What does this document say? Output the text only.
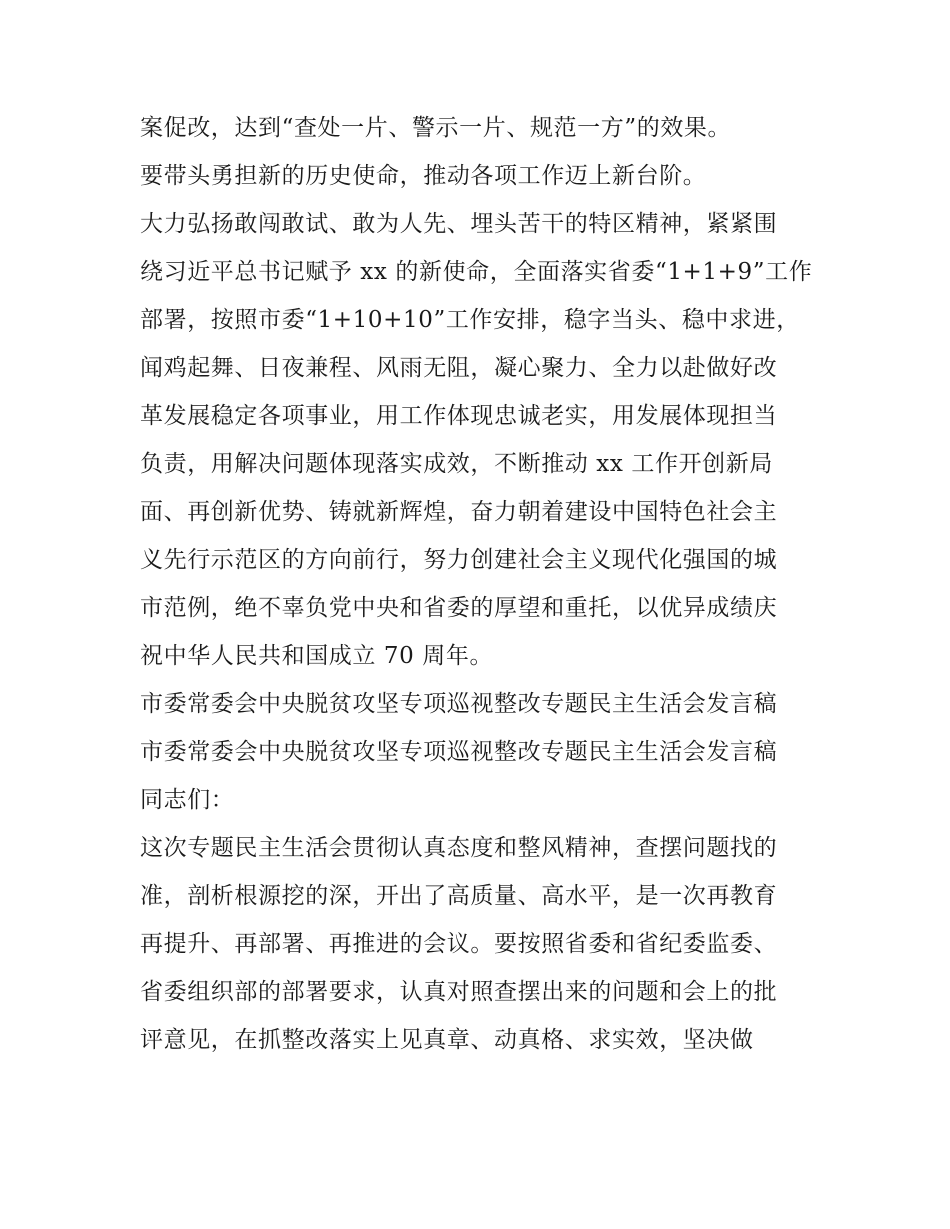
案促改，达到“查处一片、警示一片、规范一方”的效果。
要带头勇担新的历史使命，推动各项工作迈上新台阶。
大力弘扬敢闯敢试、敢为人先、埋头苦干的特区精神，紧紧围
绕习近平总书记赋予 xx 的新使命，全面落实省委“1+1+9”工作
部署，按照市委“1+10+10”工作安排，稳字当头、稳中求进，
闻鸡起舞、日夜兼程、风雨无阻，凝心聚力、全力以赴做好改
革发展稳定各项事业，用工作体现忠诚老实，用发展体现担当
负责，用解决问题体现落实成效，不断推动 xx 工作开创新局
面、再创新优势、铸就新辉煌，奋力朝着建设中国特色社会主
义先行示范区的方向前行，努力创建社会主义现代化强国的城
市范例，绝不辜负党中央和省委的厚望和重托，以优异成绩庆
祝中华人民共和国成立 70 周年。
市委常委会中央脱贫攻坚专项巡视整改专题民主生活会发言稿
市委常委会中央脱贫攻坚专项巡视整改专题民主生活会发言稿
同志们：
这次专题民主生活会贯彻认真态度和整风精神，查摆问题找的
准，剖析根源挖的深，开出了高质量、高水平，是一次再教育
再提升、再部署、再推进的会议。要按照省委和省纪委监委、
省委组织部的部署要求，认真对照查摆出来的问题和会上的批
评意见，在抓整改落实上见真章、动真格、求实效，坚决做
